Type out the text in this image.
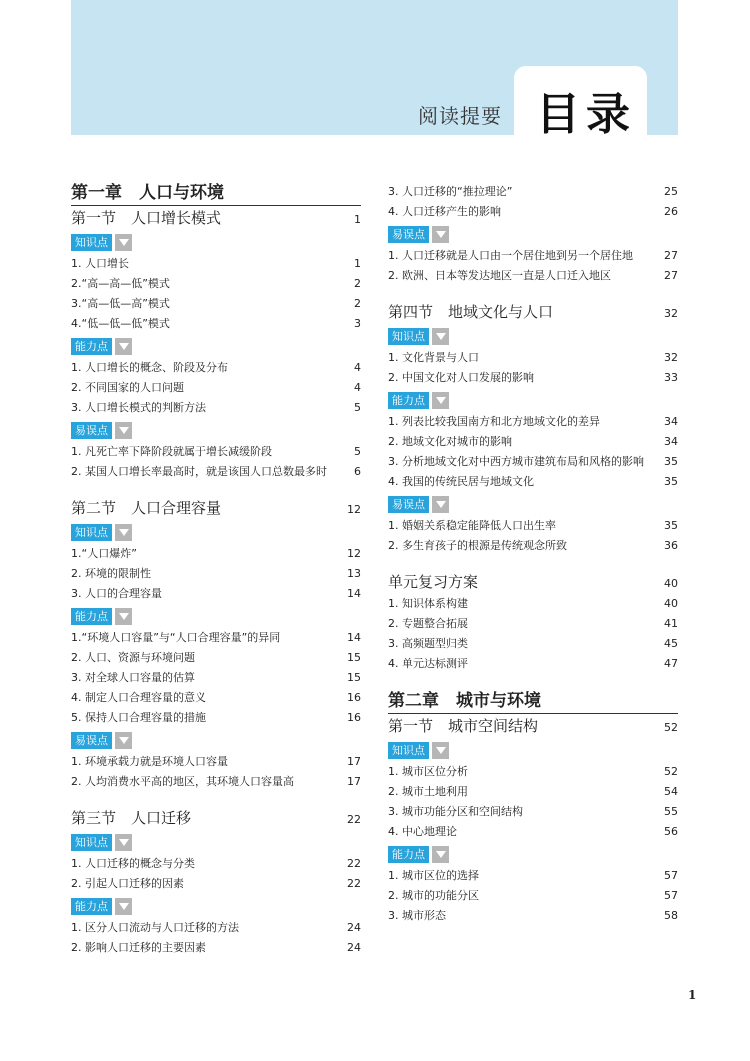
阅读提要 目录
第一章　人口与环境
第一节　人口增长模式	1
知识点
1. 人口增长	1
2.“高—高—低”模式	2
3.“高—低—高”模式	2
4.“低—低—低”模式	3
能力点
1. 人口增长的概念、阶段及分布	4
2. 不同国家的人口问题	4
3. 人口增长模式的判断方法	5
易误点
1. 凡死亡率下降阶段就属于增长减缓阶段	5
2. 某国人口增长率最高时，就是该国人口总数最多时	6
第二节　人口合理容量	12
知识点
1.“人口爆炸”	12
2. 环境的限制性	13
3. 人口的合理容量	14
能力点
1.“环境人口容量”与“人口合理容量”的异同	14
2. 人口、资源与环境问题	15
3. 对全球人口容量的估算	15
4. 制定人口合理容量的意义	16
5. 保持人口合理容量的措施	16
易误点
1. 环境承载力就是环境人口容量	17
2. 人均消费水平高的地区，其环境人口容量高	17
第三节　人口迁移	22
知识点
1. 人口迁移的概念与分类	22
2. 引起人口迁移的因素	22
能力点
1. 区分人口流动与人口迁移的方法	24
2. 影响人口迁移的主要因素	24
3. 人口迁移的“推拉理论”	25
4. 人口迁移产生的影响	26
易误点
1. 人口迁移就是人口由一个居住地到另一个居住地	27
2. 欧洲、日本等发达地区一直是人口迁入地区	27
第四节　地域文化与人口	32
知识点
1. 文化背景与人口	32
2. 中国文化对人口发展的影响	33
能力点
1. 列表比较我国南方和北方地域文化的差异	34
2. 地域文化对城市的影响	34
3. 分析地域文化对中西方城市建筑布局和风格的影响	35
4. 我国的传统民居与地域文化	35
易误点
1. 婚姻关系稳定能降低人口出生率	35
2. 多生育孩子的根源是传统观念所致	36
单元复习方案	40
1. 知识体系构建	40
2. 专题整合拓展	41
3. 高频题型归类	45
4. 单元达标测评	47
第二章　城市与环境
第一节　城市空间结构	52
知识点
1. 城市区位分析	52
2. 城市土地利用	54
3. 城市功能分区和空间结构	55
4. 中心地理论	56
能力点
1. 城市区位的选择	57
2. 城市的功能分区	57
3. 城市形态	58
1
